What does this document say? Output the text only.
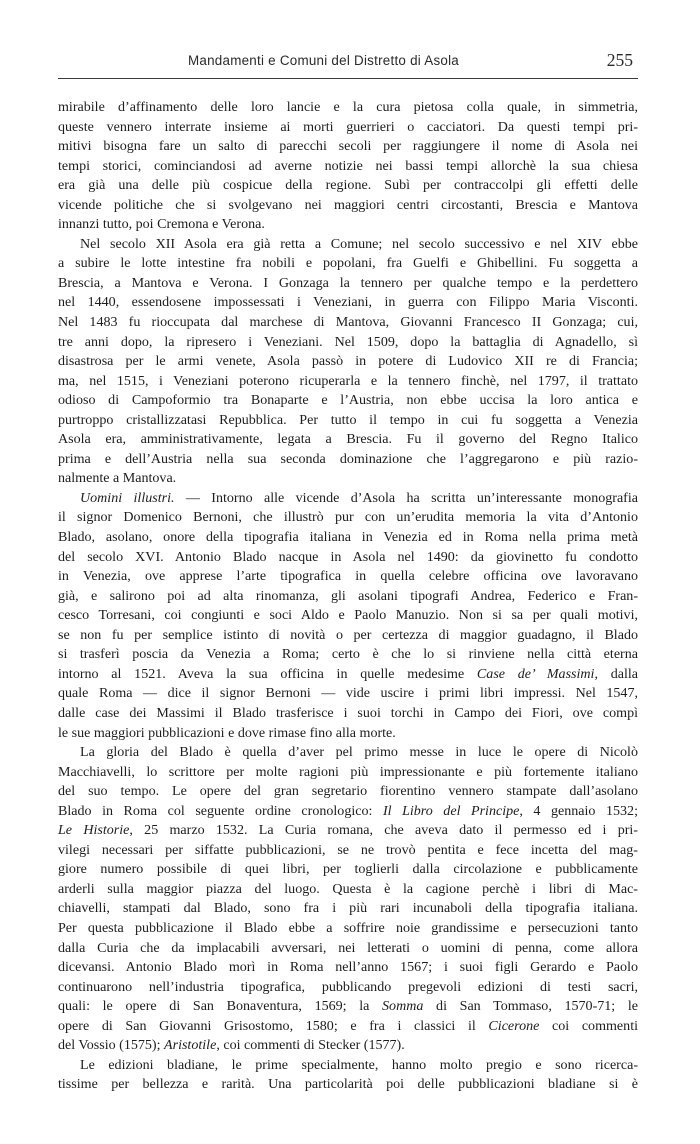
Mandamenti e Comuni del Distretto di Asola	255
mirabile d’affinamento delle loro lancie e la cura pietosa colla quale, in simmetria,
queste vennero interrate insieme ai morti guerrieri o cacciatori. Da questi tempi pri-
mitivi bisogna fare un salto di parecchi secoli per raggiungere il nome di Asola nei
tempi storici, cominciandosi ad averne notizie nei bassi tempi allorchè la sua chiesa
era già una delle più cospicue della regione. Subì per contraccolpi gli effetti delle
vicende politiche che si svolgevano nei maggiori centri circostanti, Brescia e Mantova
innanzi tutto, poi Cremona e Verona.
Nel secolo XII Asola era già retta a Comune; nel secolo successivo e nel XIV ebbe
a subire le lotte intestine fra nobili e popolani, fra Guelfi e Ghibellini. Fu soggetta a
Brescia, a Mantova e Verona. I Gonzaga la tennero per qualche tempo e la perdettero
nel 1440, essendosene impossessati i Veneziani, in guerra con Filippo Maria Visconti.
Nel 1483 fu rioccupata dal marchese di Mantova, Giovanni Francesco II Gonzaga; cui,
tre anni dopo, la ripresero i Veneziani. Nel 1509, dopo la battaglia di Agnadello, sì
disastrosa per le armi venete, Asola passò in potere di Ludovico XII re di Francia;
ma, nel 1515, i Veneziani poterono ricuperarla e la tennero finchè, nel 1797, il trattato
odioso di Campoformio tra Bonaparte e l’Austria, non ebbe uccisa la loro antica e
purtroppo cristallizzatasi Repubblica. Per tutto il tempo in cui fu soggetta a Venezia
Asola era, amministrativamente, legata a Brescia. Fu il governo del Regno Italico
prima e dell’Austria nella sua seconda dominazione che l’aggregarono e più razio-
nalmente a Mantova.
Uomini illustri. — Intorno alle vicende d’Asola ha scritta un’interessante monografia
il signor Domenico Bernoni, che illustrò pur con un’erudita memoria la vita d’Antonio
Blado, asolano, onore della tipografia italiana in Venezia ed in Roma nella prima metà
del secolo XVI. Antonio Blado nacque in Asola nel 1490: da giovinetto fu condotto
in Venezia, ove apprese l’arte tipografica in quella celebre officina ove lavoravano
già, e salirono poi ad alta rinomanza, gli asolani tipografi Andrea, Federico e Fran-
cesco Torresani, coi congiunti e soci Aldo e Paolo Manuzio. Non si sa per quali motivi,
se non fu per semplice istinto di novità o per certezza di maggior guadagno, il Blado
si trasferì poscia da Venezia a Roma; certo è che lo si rinviene nella città eterna
intorno al 1521. Aveva la sua officina in quelle medesime Case de’ Massimi, dalla
quale Roma — dice il signor Bernoni — vide uscire i primi libri impressi. Nel 1547,
dalle case dei Massimi il Blado trasferisce i suoi torchi in Campo dei Fiori, ove compì
le sue maggiori pubblicazioni e dove rimase fino alla morte.
La gloria del Blado è quella d’aver pel primo messe in luce le opere di Nicolò
Macchiavelli, lo scrittore per molte ragioni più impressionante e più fortemente italiano
del suo tempo. Le opere del gran segretario fiorentino vennero stampate dall’asolano
Blado in Roma col seguente ordine cronologico: Il Libro del Principe, 4 gennaio 1532;
Le Historie, 25 marzo 1532. La Curia romana, che aveva dato il permesso ed i pri-
vilegi necessari per siffatte pubblicazioni, se ne trovò pentita e fece incetta del mag-
giore numero possibile di quei libri, per toglierli dalla circolazione e pubblicamente
arderli sulla maggior piazza del luogo. Questa è la cagione perchè i libri di Mac-
chiavelli, stampati dal Blado, sono fra i più rari incunaboli della tipografia italiana.
Per questa pubblicazione il Blado ebbe a soffrire noie grandissime e persecuzioni tanto
dalla Curia che da implacabili avversari, nei letterati o uomini di penna, come allora
dicevansi. Antonio Blado morì in Roma nell’anno 1567; i suoi figli Gerardo e Paolo
continuarono nell’industria tipografica, pubblicando pregevoli edizioni di testi sacri,
quali: le opere di San Bonaventura, 1569; la Somma di San Tommaso, 1570-71; le
opere di San Giovanni Grisostomo, 1580; e fra i classici il Cicerone coi commenti
del Vossio (1575); Aristotile, coi commenti di Stecker (1577).
Le edizioni bladiane, le prime specialmente, hanno molto pregio e sono ricerca-
tissime per bellezza e rarità. Una particolarità poi delle pubblicazioni bladiane si è
